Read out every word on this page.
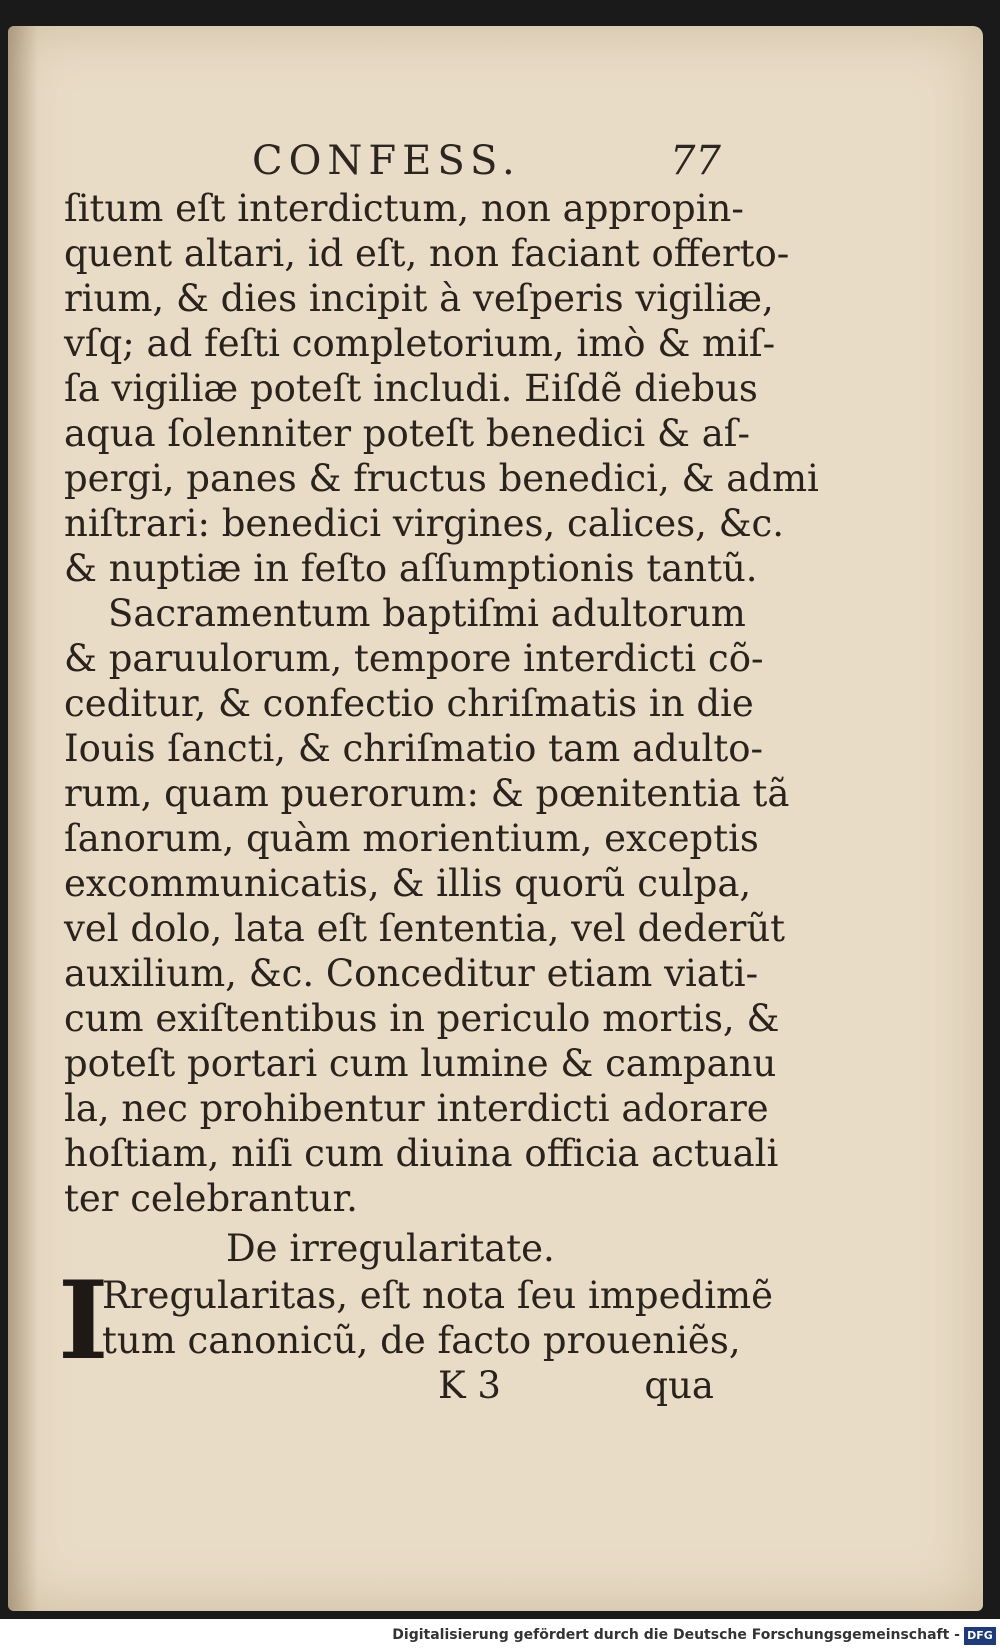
CONFESS.	77
ſitum eſt interdictum, non appropin-
quent altari, id eſt, non faciant offerto-
rium, & dies incipit à veſperis vigiliæ,
vſq; ad feſti completorium, imò & miſ-
ſa vigiliæ poteſt includi. Eiſdẽ diebus
aqua ſolenniter poteſt benedici & aſ-
pergi, panes & fructus benedici, & admi
niſtrari: benedici virgines, calices, &c.
& nuptiæ in feſto aſſumptionis tantũ.
Sacramentum baptiſmi adultorum
& paruulorum, tempore interdicti cõ-
ceditur, & confectio chriſmatis in die
Iouis ſancti, & chriſmatio tam adulto-
rum, quam puerorum: & pœnitentia tã
ſanorum, quàm morientium, exceptis
excommunicatis, & illis quorũ culpa,
vel dolo, lata eſt ſententia, vel dederũt
auxilium, &c. Conceditur etiam viati-
cum exiſtentibus in periculo mortis, &
poteſt portari cum lumine & campanu
la, nec prohibentur interdicti adorare
hoſtiam, niſi cum diuina officia actuali
ter celebrantur.
De irregularitate.
I
Rregularitas, eſt nota ſeu impedimẽ
tum canonicũ, de facto proueniẽs,
K 3	qua
Digitalisierung gefördert durch die Deutsche Forschungsgemeinschaft - DFG
